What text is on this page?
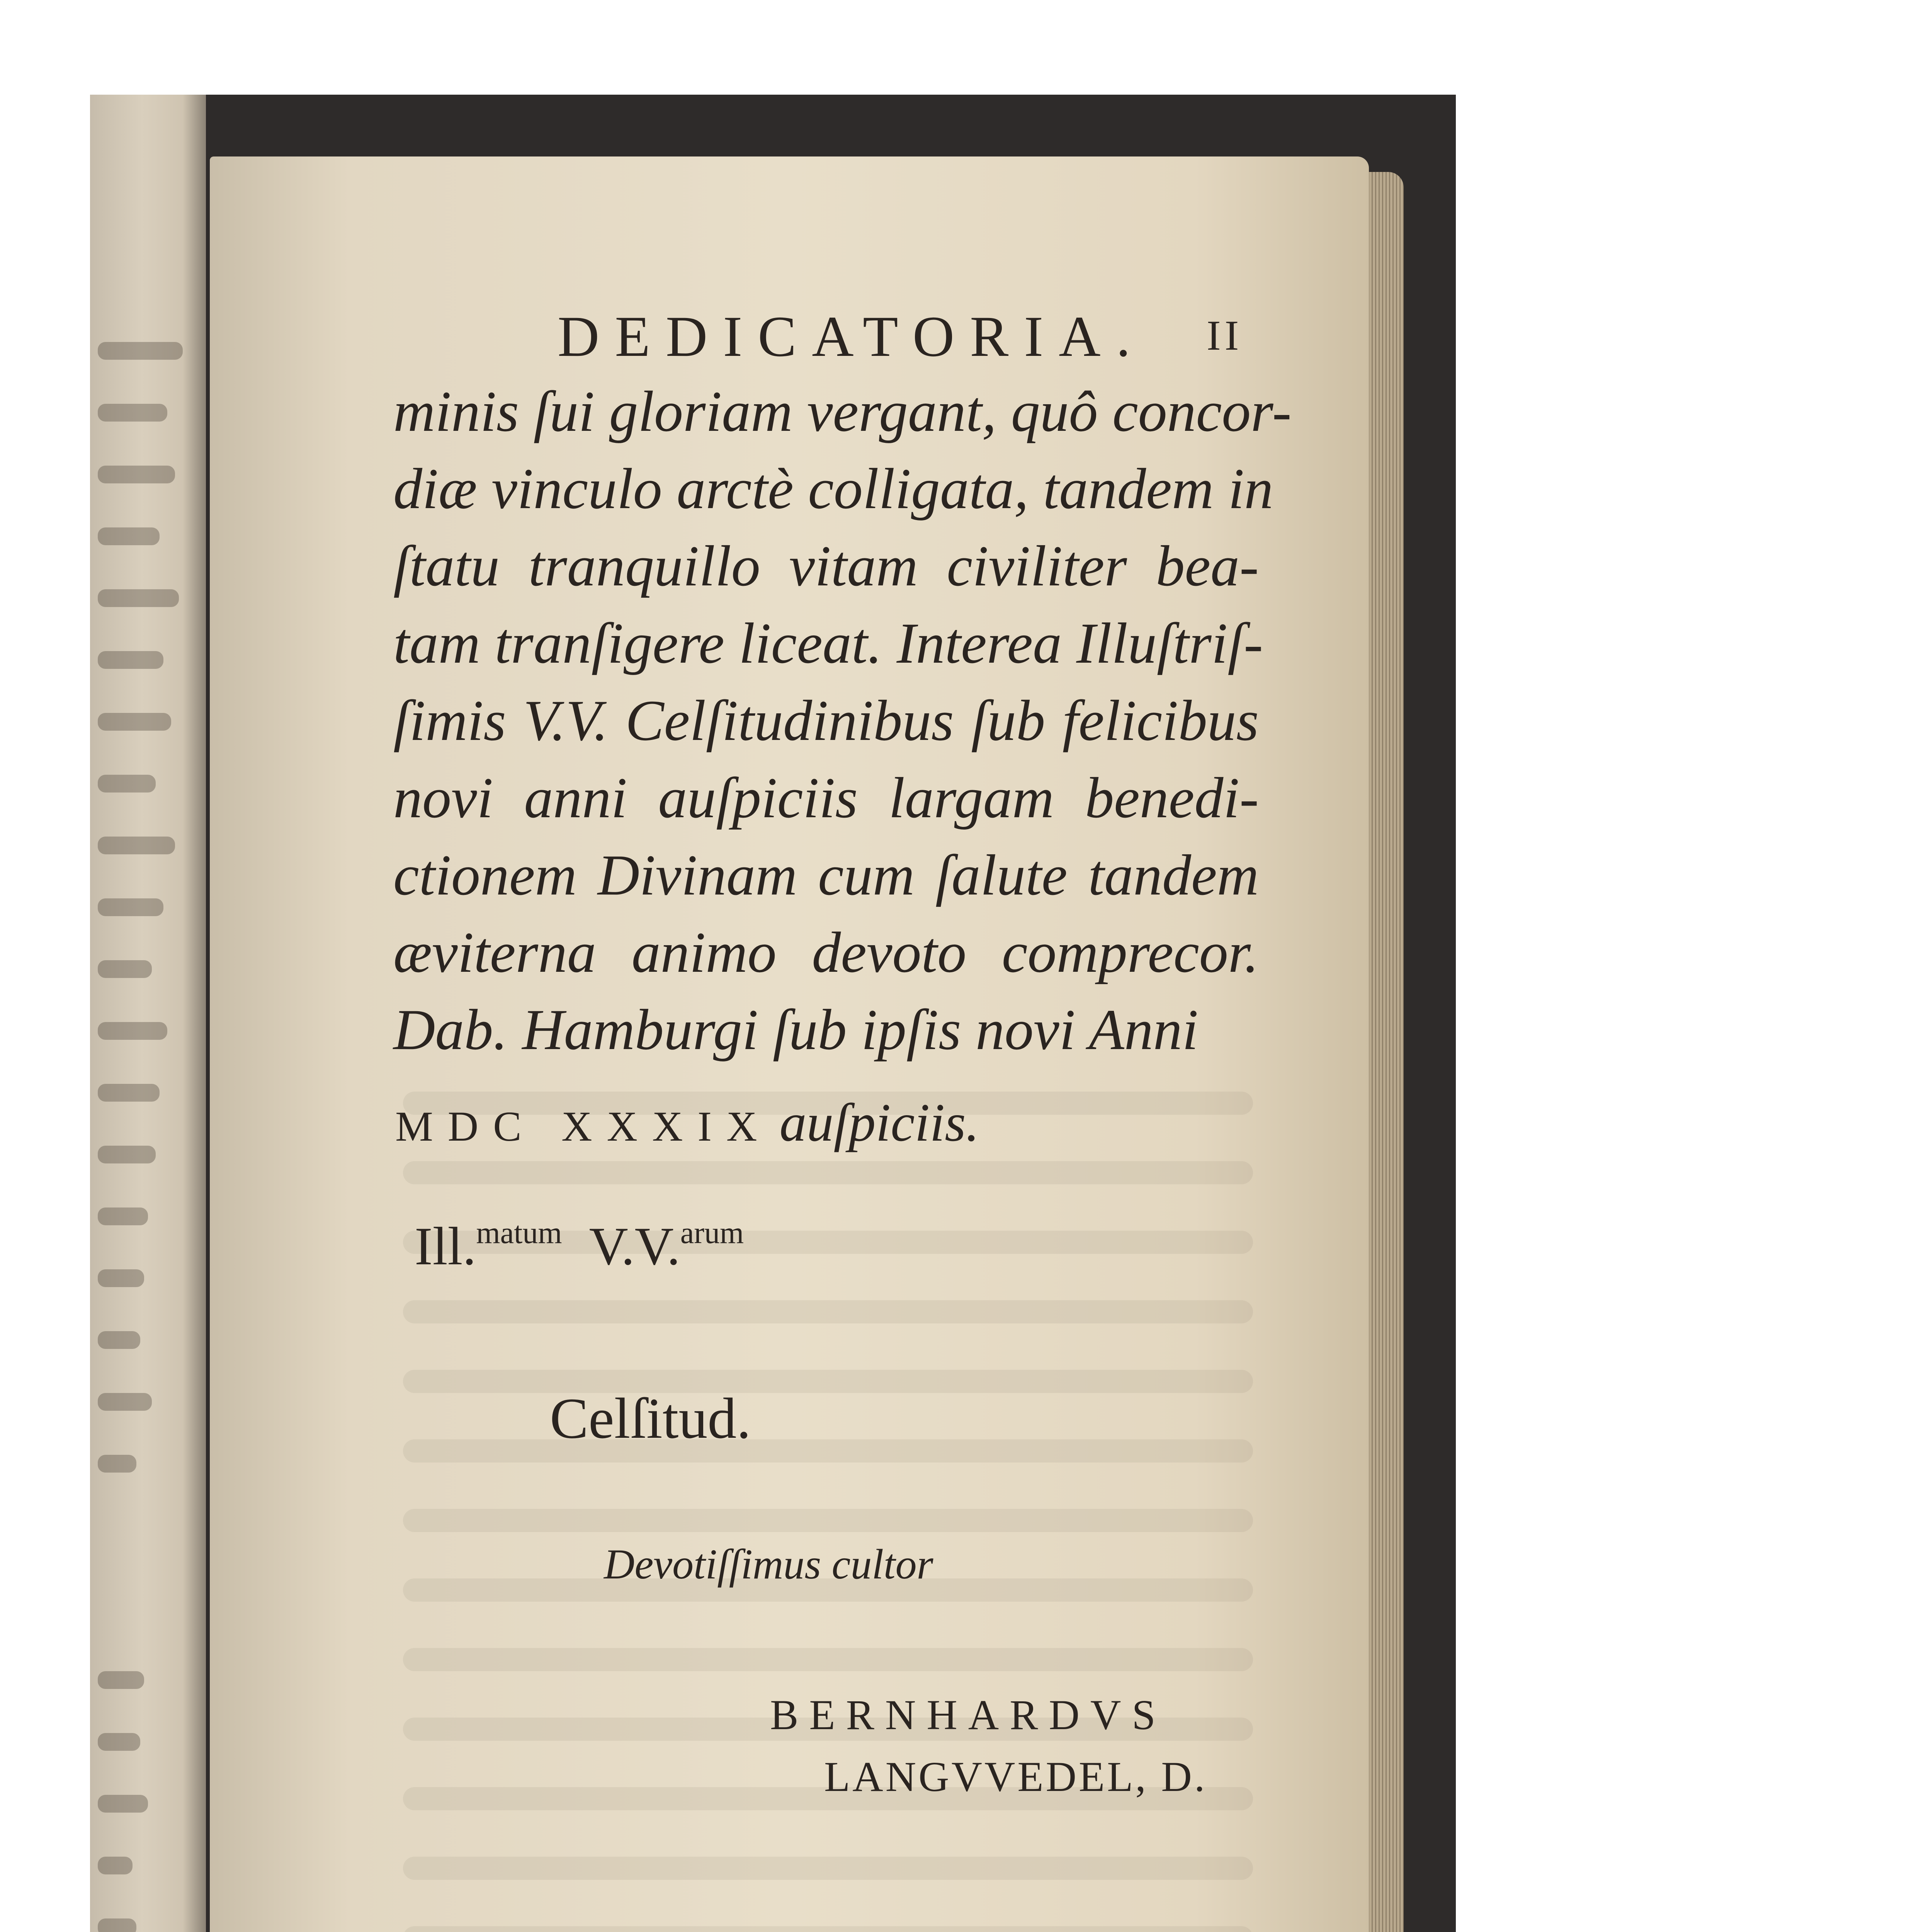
DEDICATORIA. II
minis ſui gloriam vergant, quô concor-
diæ vinculo arctè colligata, tandem in
ſtatu tranquillo vitam civiliter bea-
tam tranſigere liceat. Interea Illuſtriſ-
ſimis V.V. Celſitudinibus ſub felicibus
novi anni auſpiciis largam benedi-
ctionem Divinam cum ſalute tandem
æviterna animo devoto comprecor.
Dab. Hamburgi ſub ipſis novi Anni
MDC XXXIX auſpiciis.
Ill.$^{matum}$ V.V.$^{arum}$
Celſitud.
Devotiſſimus cultor
BERNHARDVS
LANGVVEDEL, D.
